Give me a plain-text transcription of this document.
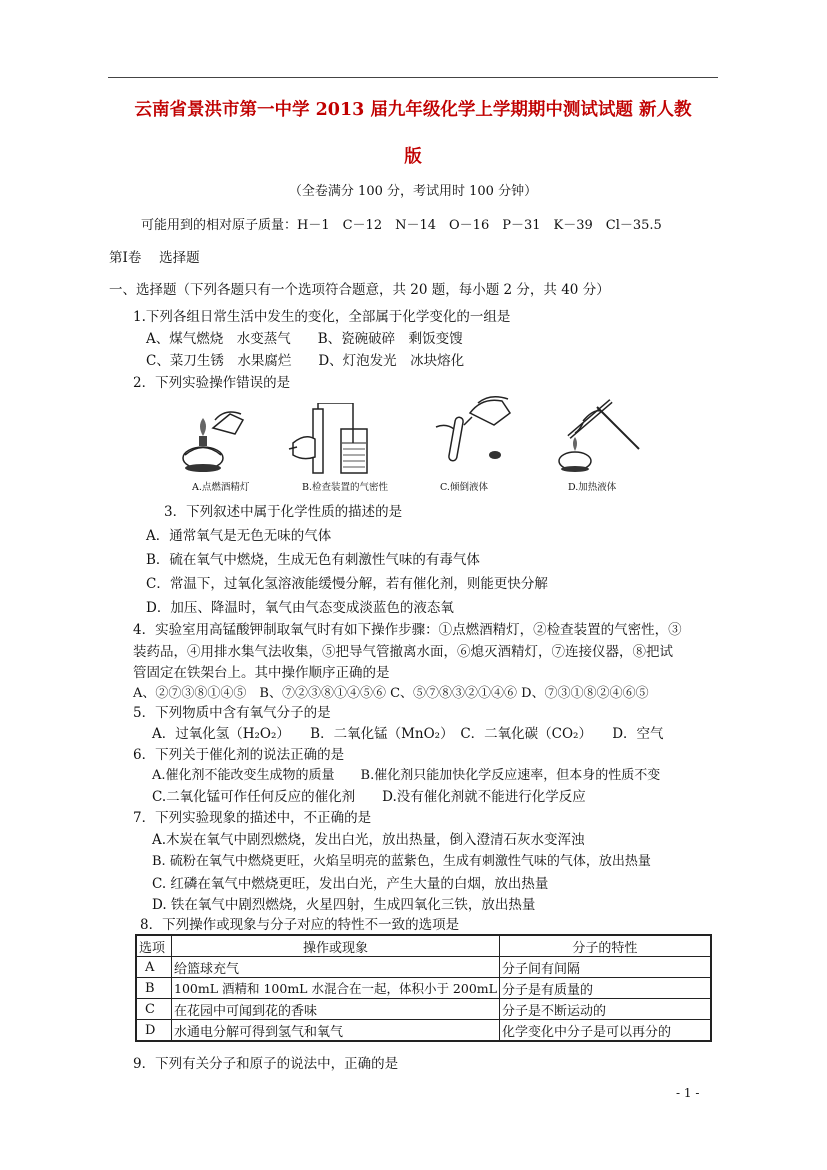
云南省景洪市第一中学 2013 届九年级化学上学期期中测试试题 新人教
版
（全卷满分 100 分，考试用时 100 分钟）
可能用到的相对原子质量：H－1　C－12　N－14　O－16　P－31　K－39　Cl－35.5
第Ⅰ卷　 选择题
一、选择题（下列各题只有一个选项符合题意，共 20 题，每小题 2 分，共 40 分）
1.下列各组日常生活中发生的变化，全部属于化学变化的一组是
A、煤气燃烧　水变蒸气　　B、瓷碗破碎　剩饭变馊
C、菜刀生锈　水果腐烂　　D、灯泡发光　冰块熔化
2．下列实验操作错误的是
A.点燃酒精灯	B.检查装置的气密性	C.倾倒液体	D.加热液体
3．下列叙述中属于化学性质的描述的是
A．通常氧气是无色无味的气体
B．硫在氧气中燃烧，生成无色有刺激性气味的有毒气体
C．常温下，过氧化氢溶液能缓慢分解，若有催化剂，则能更快分解
D．加压、降温时，氧气由气态变成淡蓝色的液态氧
4．实验室用高锰酸钾制取氧气时有如下操作步骤：①点燃酒精灯，②检查装置的气密性，③
装药品，④用排水集气法收集，⑤把导气管撤离水面，⑥熄灭酒精灯，⑦连接仪器，⑧把试
管固定在铁架台上。其中操作顺序正确的是
A、②⑦③⑧①④⑤　B、⑦②③⑧①④⑤⑥ C、⑤⑦⑧③②①④⑥ D、⑦③①⑧②④⑥⑤
5．下列物质中含有氧气分子的是
A．过氧化氢（H₂O₂）　　B．二氧化锰（MnO₂）　C．二氧化碳（CO₂）　　D．空气
6．下列关于催化剂的说法正确的是
A.催化剂不能改变生成物的质量　　B.催化剂只能加快化学反应速率，但本身的性质不变
C.二氧化锰可作任何反应的催化剂　　D.没有催化剂就不能进行化学反应
7．下列实验现象的描述中，不正确的是
A.木炭在氧气中剧烈燃烧，发出白光，放出热量，倒入澄清石灰水变浑浊
B. 硫粉在氧气中燃烧更旺，火焰呈明亮的蓝紫色，生成有刺激性气味的气体，放出热量
C. 红磷在氧气中燃烧更旺，发出白光，产生大量的白烟，放出热量
D. 铁在氧气中剧烈燃烧，火星四射，生成四氧化三铁，放出热量
8．下列操作或现象与分子对应的特性不一致的选项是
选项	操作或现象	分子的特性
A	给篮球充气	分子间有间隔
B	100mL 酒精和 100mL 水混合在一起，体积小于 200mL	分子是有质量的
C	在花园中可闻到花的香味	分子是不断运动的
D	水通电分解可得到氢气和氧气	化学变化中分子是可以再分的
9．下列有关分子和原子的说法中，正确的是
- 1 -
